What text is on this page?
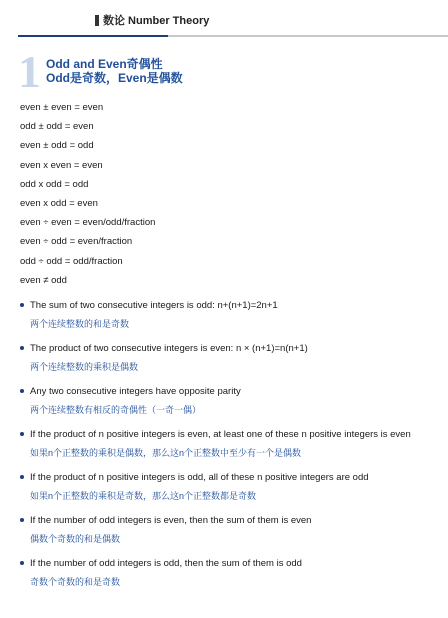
数论 Number Theory
1 Odd and Even奇偶性
Odd是奇数，Even是偶数
even ± even = even
odd ± odd = even
even ± odd = odd
even x even = even
odd x odd = odd
even x odd = even
even ÷ even = even/odd/fraction
even ÷ odd = even/fraction
odd ÷ odd = odd/fraction
even ≠ odd
The sum of two consecutive integers is odd: n+(n+1)=2n+1
两个连续整数的和是奇数
The product of two consecutive integers is even: n × (n+1)=n(n+1)
两个连续整数的乘积是偶数
Any two consecutive integers have opposite parity
两个连续整数有相反的奇偶性（一奇一偶）
If the product of n positive integers is even, at least one of these n positive integers is even
如果n个正整数的乘积是偶数，那么这n个正整数中至少有一个是偶数
If the product of n positive integers is odd, all of these n positive integers are odd
如果n个正整数的乘积是奇数，那么这n个正整数都是奇数
If the number of odd integers is even, then the sum of them is even
偶数个奇数的和是偶数
If the number of odd integers is odd, then the sum of them is odd
奇数个奇数的和是奇数
